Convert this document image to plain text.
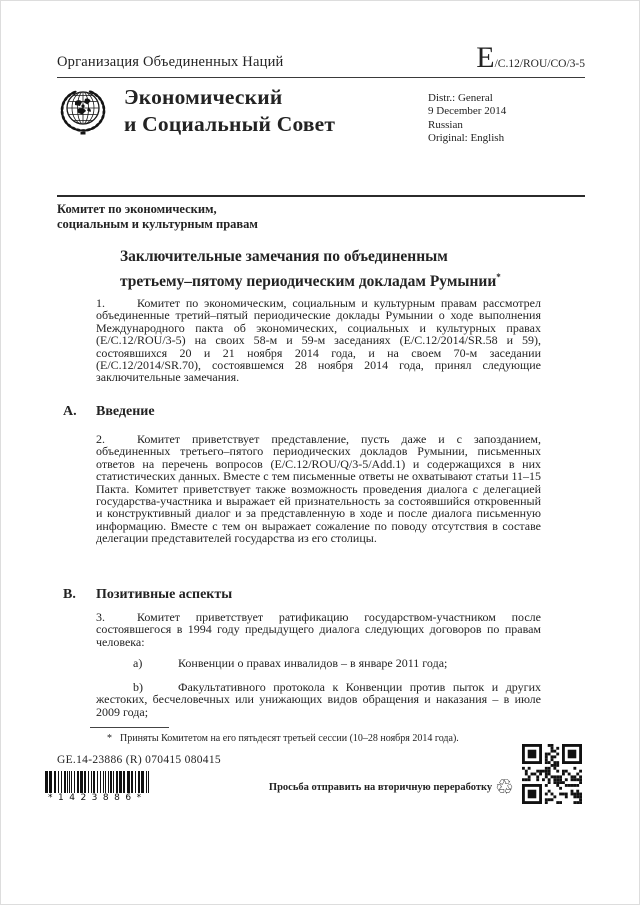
Организация Объединенных Наций	E/C.12/ROU/CO/3-5
Экономический
и Социальный Совет
Distr.: General
9 December 2014
Russian
Original: English
Комитет по экономическим,
социальным и культурным правам
Заключительные замечания по объединенным
третьему–пятому периодическим докладам Румынии*
1.	Комитет по экономическим, социальным и культурным правам рассмотрел объединенные третий–пятый периодические доклады Румынии о ходе выполнения Международного пакта об экономических, социальных и культурных правах (E/C.12/ROU/3-5) на своих 58-м и 59-м заседаниях (E/C.12/2014/SR.58 и 59), состоявшихся 20 и 21 ноября 2014 года, и на своем 70-м заседании (E/C.12/2014/SR.70), состоявшемся 28 ноября 2014 года, принял следующие заключительные замечания.
A. Введение
2.	Комитет приветствует представление, пусть даже и с запозданием, объединенных третьего–пятого периодических докладов Румынии, письменных ответов на перечень вопросов (E/C.12/ROU/Q/3-5/Add.1) и содержащихся в них статистических данных. Вместе с тем письменные ответы не охватывают статьи 11–15 Пакта. Комитет приветствует также возможность проведения диалога с делегацией государства-участника и выражает ей признательность за состоявшийся откровенный и конструктивный диалог и за представленную в ходе и после диалога письменную информацию. Вместе с тем он выражает сожаление по поводу отсутствия в составе делегации представителей государства из его столицы.
B. Позитивные аспекты
3.	Комитет приветствует ратификацию государством-участником после состоявшегося в 1994 году предыдущего диалога следующих договоров по правам человека:
a)	Конвенции о правах инвалидов – в январе 2011 года;
b)	Факультативного протокола к Конвенции против пыток и других жестоких, бесчеловечных или унижающих видов обращения и наказания – в июле 2009 года;
* Приняты Комитетом на его пятьдесят третьей сессии (10–28 ноября 2014 года).
GE.14-23886 (R) 070415 080415
*1423886*
Просьба отправить на вторичную переработку ♲
